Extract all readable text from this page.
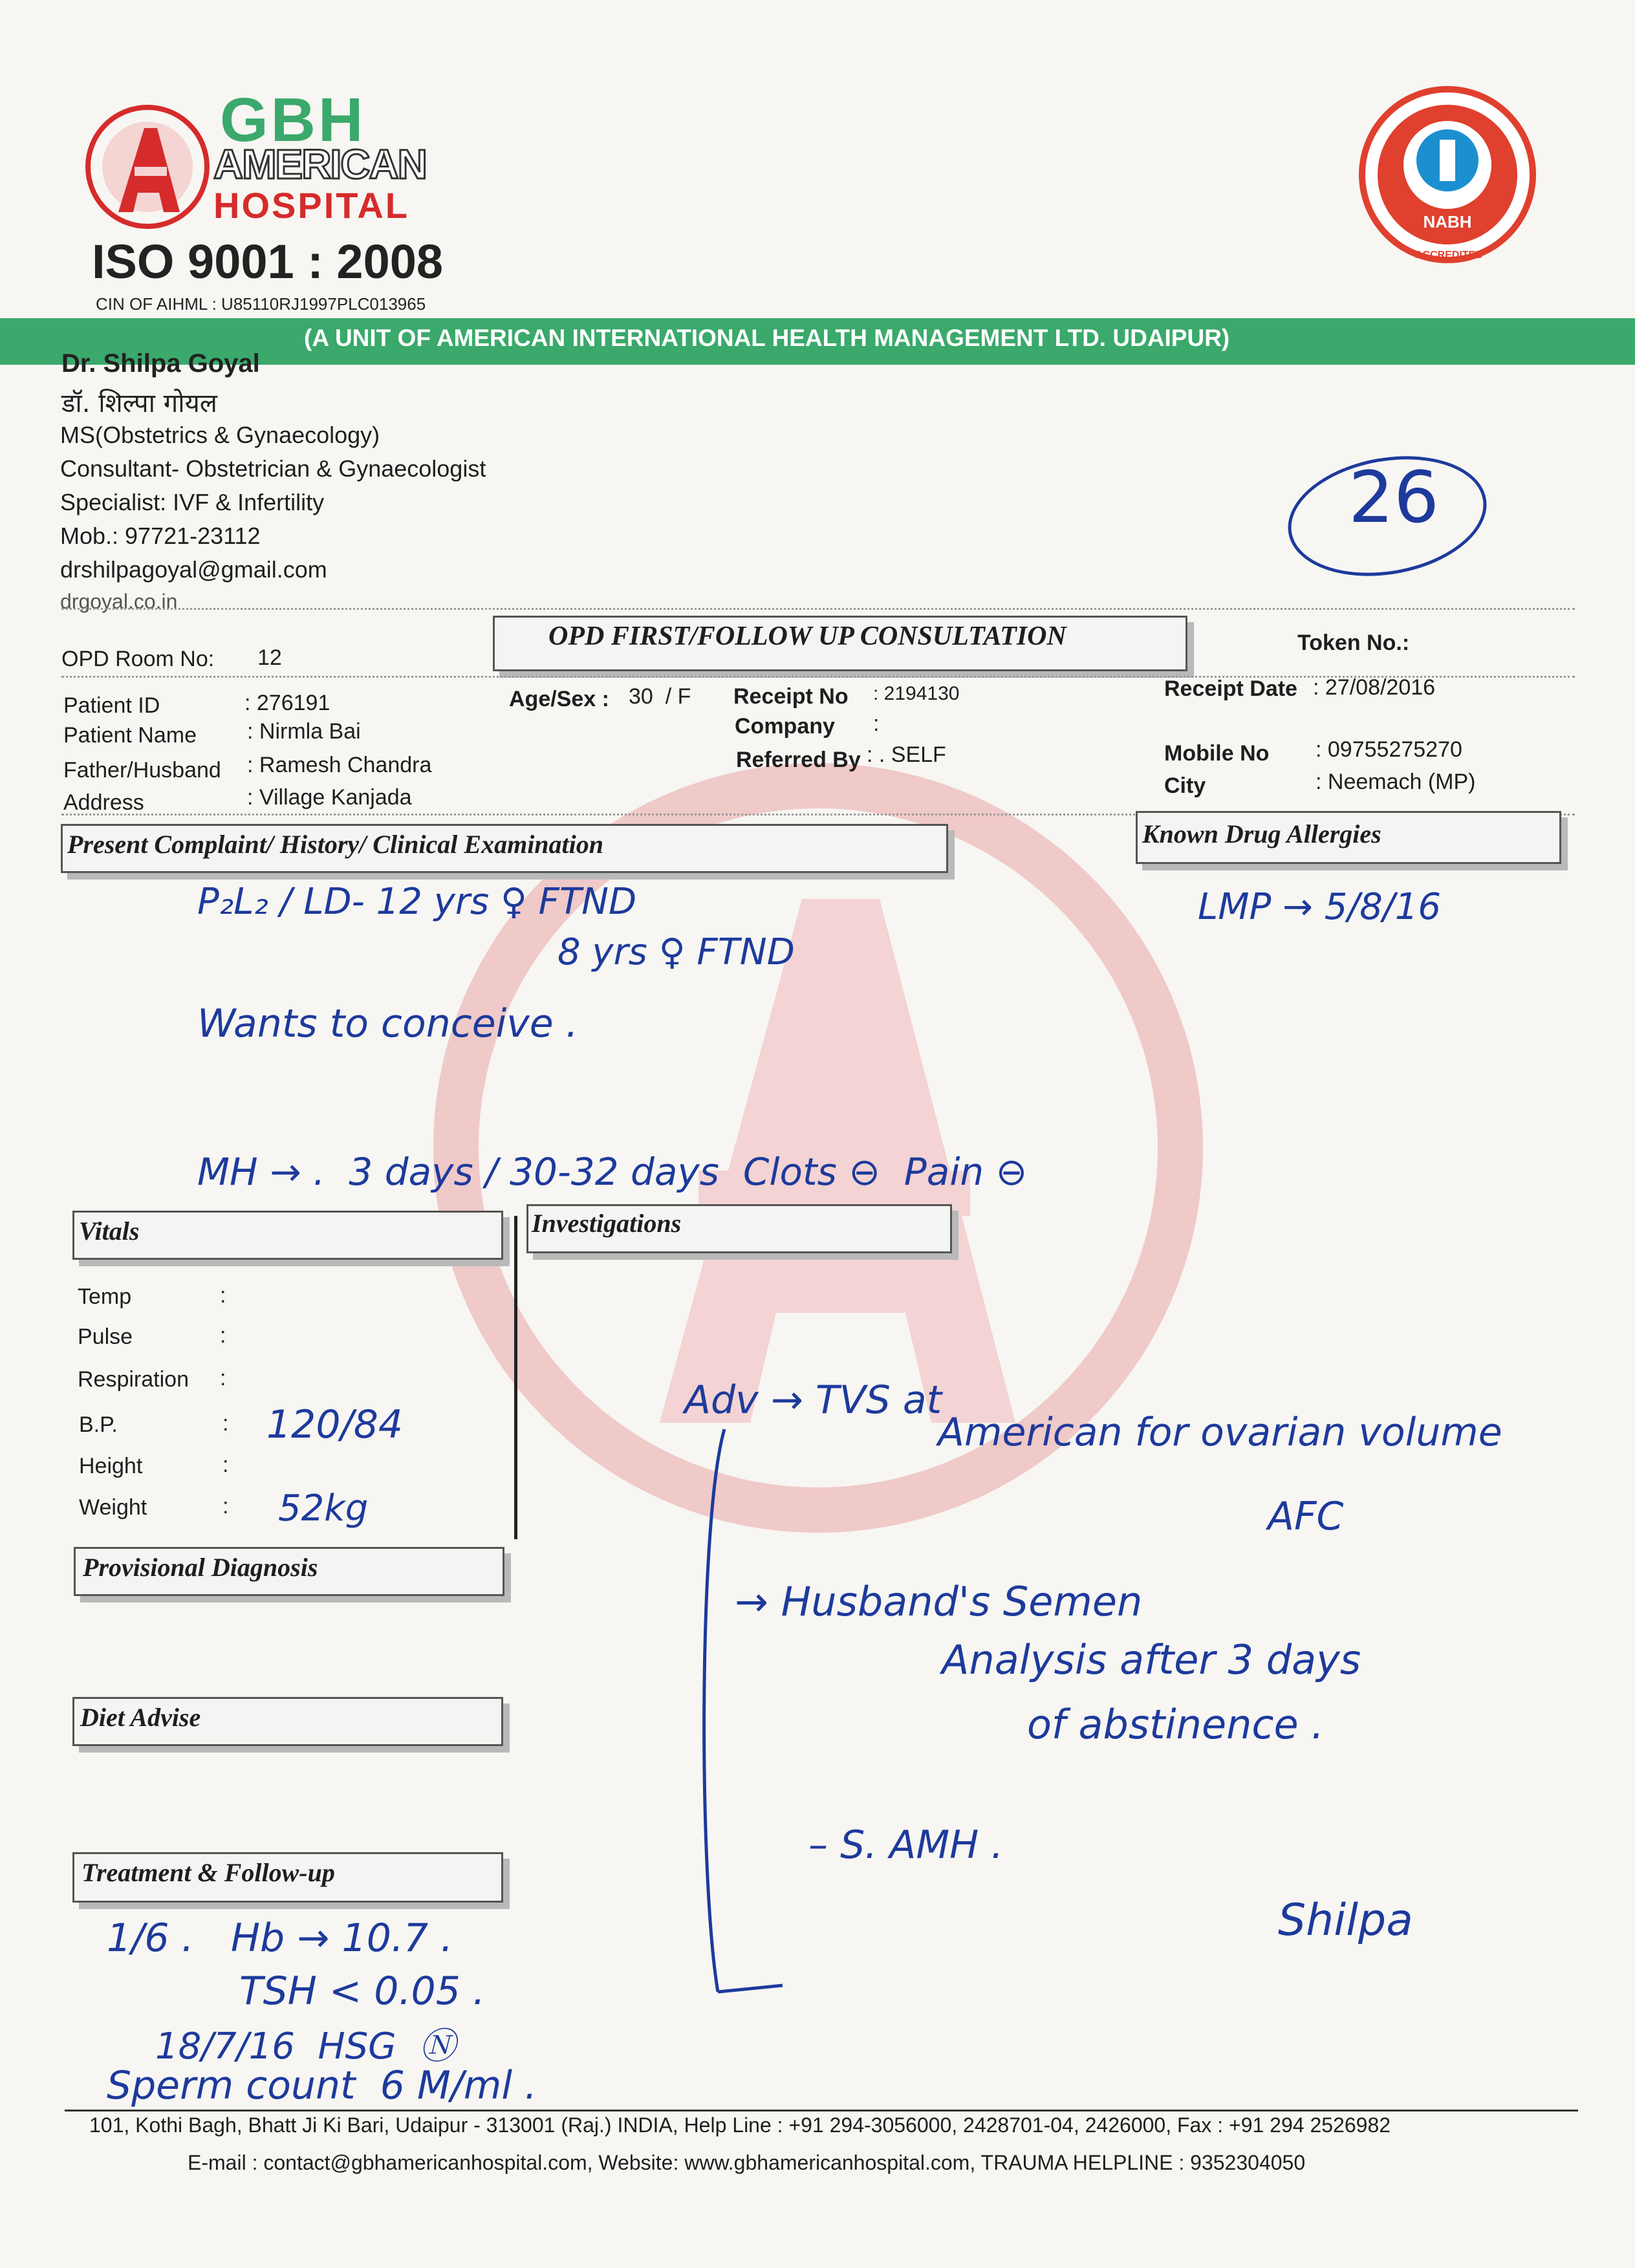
GBH
AMERICAN
HOSPITAL
ISO 9001 : 2008
CIN OF AIHML : U85110RJ1997PLC013965
NABH
ACCREDITED
(A UNIT OF AMERICAN INTERNATIONAL HEALTH MANAGEMENT LTD. UDAIPUR)
Dr. Shilpa Goyal
डॉ. शिल्पा गोयल
MS(Obstetrics & Gynaecology)
Consultant- Obstetrician & Gynaecologist
Specialist: IVF & Infertility
Mob.: 97721-23112
drshilpagoyal@gmail.com
drgoyal.co.in
26
OPD Room No: 12
OPD FIRST/FOLLOW UP CONSULTATION	Token No.:
Patient ID	: 276191
Patient Name : Nirmla Bai
Father/Husband : Ramesh Chandra
Address	: Village Kanjada
Age/Sex : 30  / F Receipt No : 2194130
Company :
Referred By : . SELF
Receipt Date : 27/08/2016
Mobile No : 09755275270
City	: Neemach (MP)
Present Complaint/ History/ Clinical Examination	Known Drug Allergies
P₂L₂ / LD- 12 yrs ♀ FTND
8 yrs ♀ FTND
Wants to conceive .
LMP → 5/8/16
MH → .  3 days / 30-32 days  Clots ⊖  Pain ⊖
Vitals	Investigations
Temp	:
Pulse	:
Respiration :
B.P.	: 120/84
Height	:
Weight	: 52kg
Provisional Diagnosis
Diet Advise
Treatment & Follow-up
Adv → TVS at
American for ovarian volume
AFC
→ Husband's Semen
Analysis after 3 days
of abstinence .
– S. AMH .
Shilpa
1/6 .   Hb → 10.7 .
TSH < 0.05 .
18/7/16  HSG  Ⓝ
Sperm count  6 M/ml .
101, Kothi Bagh, Bhatt Ji Ki Bari, Udaipur - 313001 (Raj.) INDIA, Help Line : +91 294-3056000, 2428701-04, 2426000, Fax : +91 294 2526982
E-mail : contact@gbhamericanhospital.com, Website: www.gbhamericanhospital.com, TRAUMA HELPLINE : 9352304050
